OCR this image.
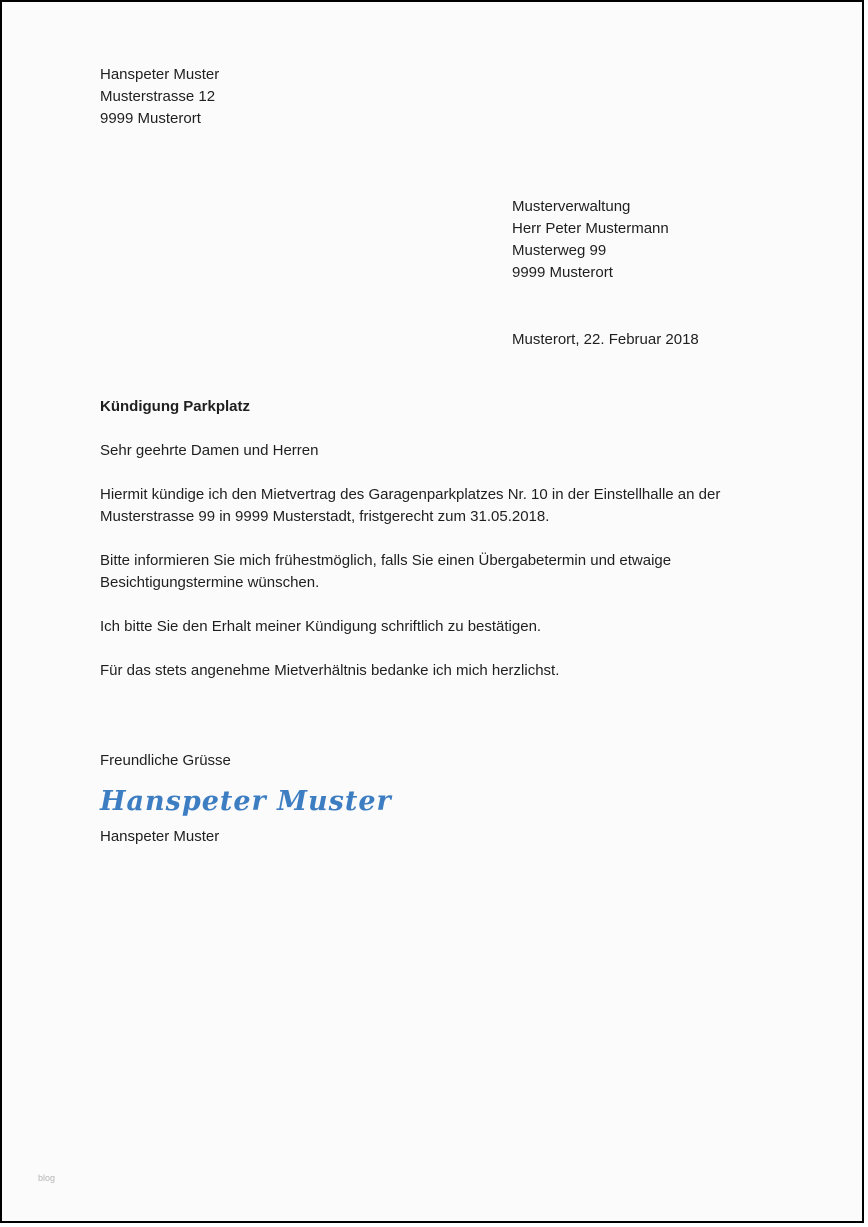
Hanspeter Muster
Musterstrasse 12
9999 Musterort
Musterverwaltung
Herr Peter Mustermann
Musterweg 99
9999 Musterort
Musterort, 22. Februar 2018
Kündigung Parkplatz
Sehr geehrte Damen und Herren
Hiermit kündige ich den Mietvertrag des Garagenparkplatzes Nr. 10 in der Einstellhalle an der Musterstrasse 99 in 9999 Musterstadt, fristgerecht zum 31.05.2018.
Bitte informieren Sie mich frühestmöglich, falls Sie einen Übergabetermin und etwaige Besichtigungstermine wünschen.
Ich bitte Sie den Erhalt meiner Kündigung schriftlich zu bestätigen.
Für das stets angenehme Mietverhältnis bedanke ich mich herzlichst.
Freundliche Grüsse
Hanspeter Muster
Hanspeter Muster
blog
